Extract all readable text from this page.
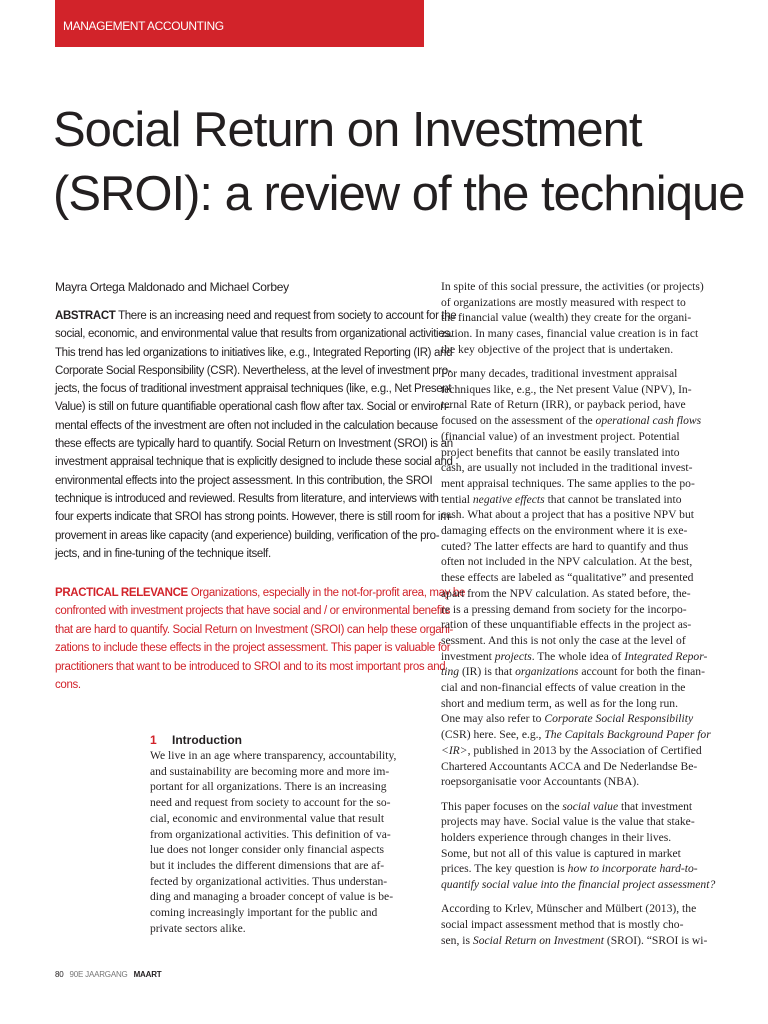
MANAGEMENT ACCOUNTING
Social Return on Investment
(SROI): a review of the technique
Mayra Ortega Maldonado and Michael Corbey
ABSTRACT There is an increasing need and request from society to account for the
social, economic, and environmental value that results from organizational activities.
This trend has led organizations to initiatives like, e.g., Integrated Reporting (IR) and
Corporate Social Responsibility (CSR). Nevertheless, at the level of investment pro-
jects, the focus of traditional investment appraisal techniques (like, e.g., Net Present
Value) is still on future quantifiable operational cash flow after tax. Social or environ-
mental effects of the investment are often not included in the calculation because
these effects are typically hard to quantify. Social Return on Investment (SROI) is an
investment appraisal technique that is explicitly designed to include these social and
environmental effects into the project assessment. In this contribution, the SROI
technique is introduced and reviewed. Results from literature, and interviews with
four experts indicate that SROI has strong points. However, there is still room for im-
provement in areas like capacity (and experience) building, verification of the pro-
jects, and in fine-tuning of the technique itself.
PRACTICAL RELEVANCE Organizations, especially in the not-for-profit area, may be
confronted with investment projects that have social and / or environmental benefits
that are hard to quantify. Social Return on Investment (SROI) can help these organi-
zations to include these effects in the project assessment. This paper is valuable for
practitioners that want to be introduced to SROI and to its most important pros and
cons.
1 Introduction
We live in an age where transparency, accountability,
and sustainability are becoming more and more im-
portant for all organizations. There is an increasing
need and request from society to account for the so-
cial, economic and environmental value that result
from organizational activities. This definition of va-
lue does not longer consider only financial aspects
but it includes the different dimensions that are af-
fected by organizational activities. Thus understan-
ding and managing a broader concept of value is be-
coming increasingly important for the public and
private sectors alike.

In spite of this social pressure, the activities (or projects)
of organizations are mostly measured with respect to
the financial value (wealth) they create for the organi-
zation. In many cases, financial value creation is in fact
the key objective of the project that is undertaken.

For many decades, traditional investment appraisal
techniques like, e.g., the Net present Value (NPV), In-
ternal Rate of Return (IRR), or payback period, have
focused on the assessment of the operational cash flows
(financial value) of an investment project. Potential
project benefits that cannot be easily translated into
cash, are usually not included in the traditional invest-
ment appraisal techniques. The same applies to the po-
tential negative effects that cannot be translated into
cash. What about a project that has a positive NPV but
damaging effects on the environment where it is exe-
cuted? The latter effects are hard to quantify and thus
often not included in the NPV calculation. At the best,
these effects are labeled as “qualitative” and presented
apart from the NPV calculation. As stated before, the-
re is a pressing demand from society for the incorpo-
ration of these unquantifiable effects in the project as-
sessment. And this is not only the case at the level of
investment projects. The whole idea of Integrated Repor-
ting (IR) is that organizations account for both the finan-
cial and non-financial effects of value creation in the
short and medium term, as well as for the long run.
One may also refer to Corporate Social Responsibility
(CSR) here. See, e.g., The Capitals Background Paper for
<IR>, published in 2013 by the Association of Certified
Chartered Accountants ACCA and De Nederlandse Be-
roepsorganisatie voor Accountants (NBA).

This paper focuses on the social value that investment
projects may have. Social value is the value that stake-
holders experience through changes in their lives.
Some, but not all of this value is captured in market
prices. The key question is how to incorporate hard-to-
quantify social value into the financial project assessment?

According to Krlev, Münscher and Mülbert (2013), the
social impact assessment method that is mostly cho-
sen, is Social Return on Investment (SROI). “SROI is wi-

80 90E JAARGANG MAART
